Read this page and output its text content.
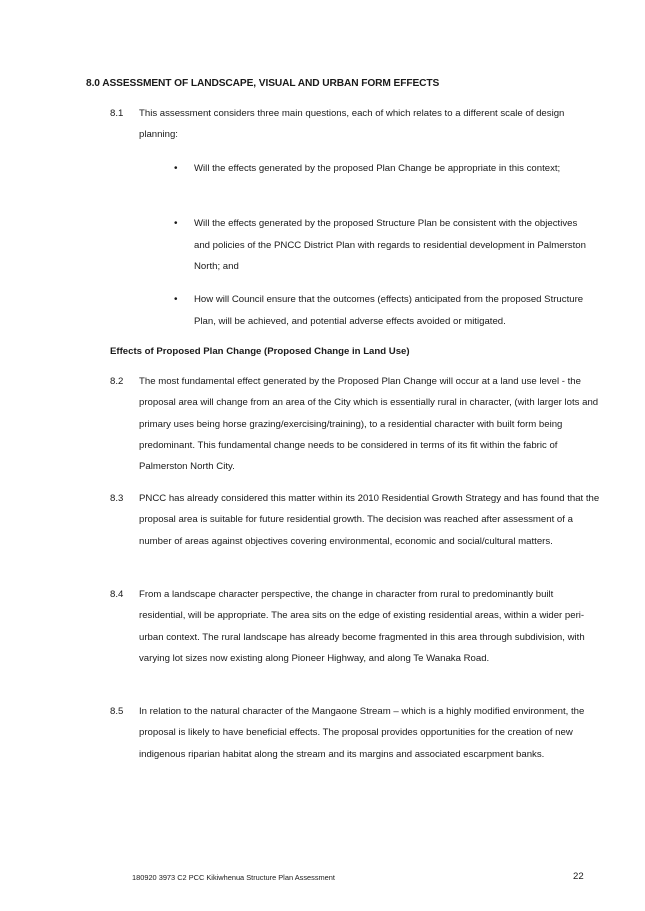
8.0 ASSESSMENT OF LANDSCAPE, VISUAL AND URBAN FORM EFFECTS
8.1 This assessment considers three main questions, each of which relates to a different scale of design planning:
• Will the effects generated by the proposed Plan Change be appropriate in this context;
• Will the effects generated by the proposed Structure Plan be consistent with the objectives and policies of the PNCC District Plan with regards to residential development in Palmerston North; and
• How will Council ensure that the outcomes (effects) anticipated from the proposed Structure Plan, will be achieved, and potential adverse effects avoided or mitigated.
Effects of Proposed Plan Change (Proposed Change in Land Use)
8.2 The most fundamental effect generated by the Proposed Plan Change will occur at a land use level - the proposal area will change from an area of the City which is essentially rural in character, (with larger lots and primary uses being horse grazing/exercising/training), to a residential character with built form being predominant. This fundamental change needs to be considered in terms of its fit within the fabric of Palmerston North City.
8.3 PNCC has already considered this matter within its 2010 Residential Growth Strategy and has found that the proposal area is suitable for future residential growth. The decision was reached after assessment of a number of areas against objectives covering environmental, economic and social/cultural matters.
8.4 From a landscape character perspective, the change in character from rural to predominantly built residential, will be appropriate. The area sits on the edge of existing residential areas, within a wider peri-urban context. The rural landscape has already become fragmented in this area through subdivision, with varying lot sizes now existing along Pioneer Highway, and along Te Wanaka Road.
8.5 In relation to the natural character of the Mangaone Stream – which is a highly modified environment, the proposal is likely to have beneficial effects. The proposal provides opportunities for the creation of new indigenous riparian habitat along the stream and its margins and associated escarpment banks.
180920 3973 C2 PCC Kikiwhenua Structure Plan Assessment	22
